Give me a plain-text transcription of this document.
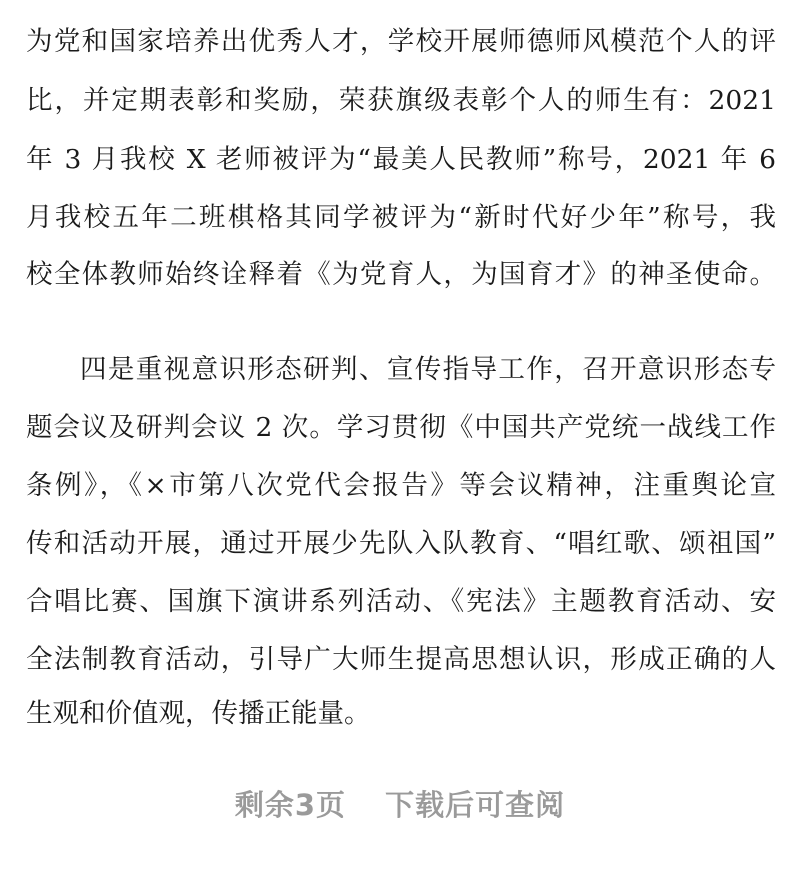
为党和国家培养出优秀人才，学校开展师德师风模范个人的评
比，并定期表彰和奖励，荣获旗级表彰个人的师生有：2021
年 3 月我校 X 老师被评为“最美人民教师”称号，2021 年 6
月我校五年二班棋格其同学被评为“新时代好少年”称号，我
校全体教师始终诠释着《为党育人，为国育才》的神圣使命。
四是重视意识形态研判、宣传指导工作，召开意识形态专
题会议及研判会议 2 次。学习贯彻《中国共产党统一战线工作
条例》，《×市第八次党代会报告》等会议精神，注重舆论宣
传和活动开展，通过开展少先队入队教育、“唱红歌、颂祖国”
合唱比赛、国旗下演讲系列活动、《宪法》主题教育活动、安
全法制教育活动，引导广大师生提高思想认识，形成正确的人
生观和价值观，传播正能量。
剩余3页 下载后可查阅
